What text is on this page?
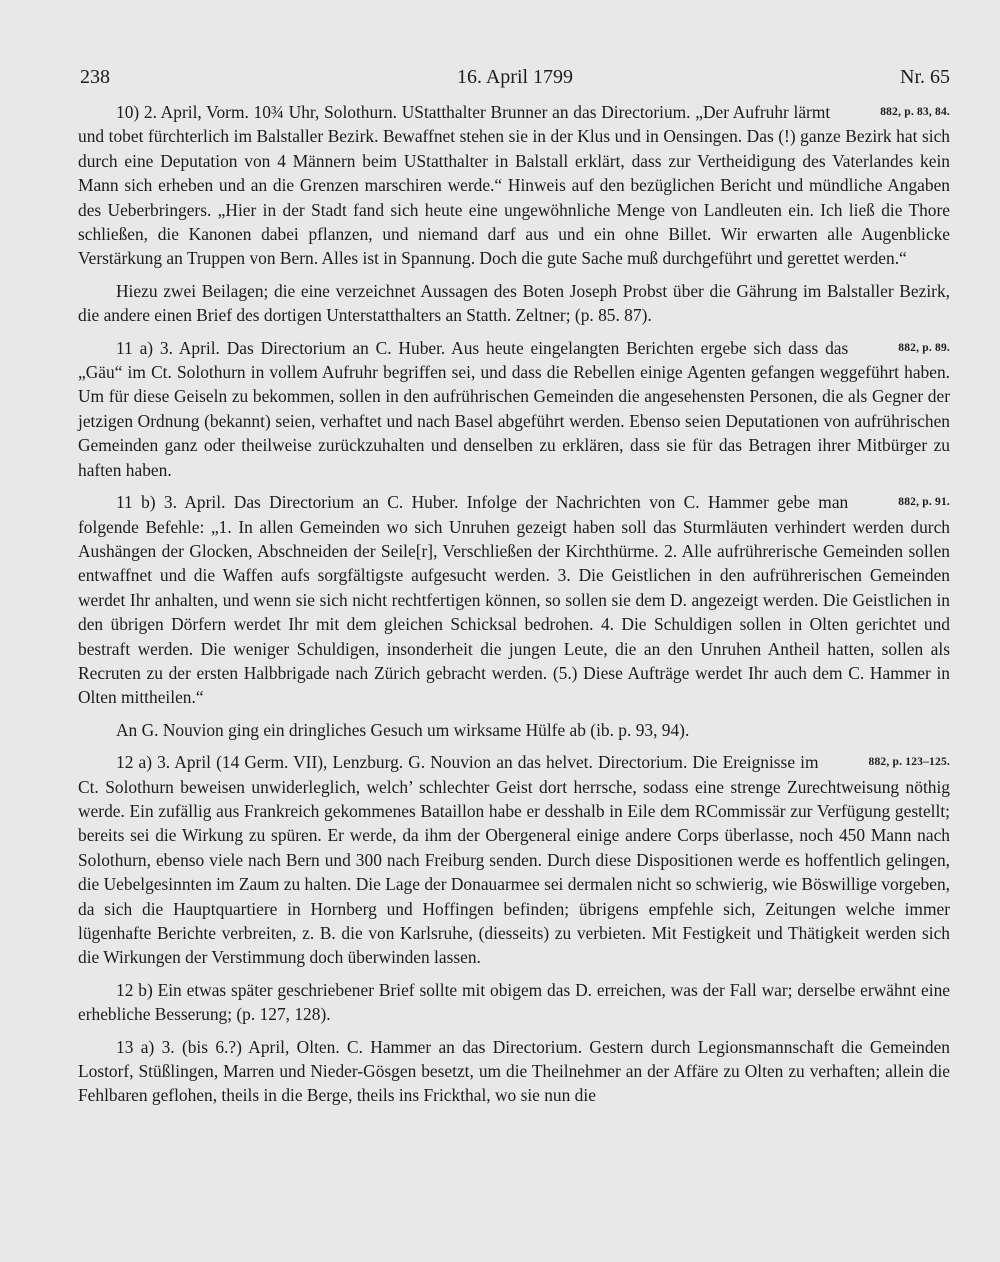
238	16. April 1799	Nr. 65

882, p. 83, 84.
10) 2. April, Vorm. 10¾ Uhr, Solothurn. UStatthalter Brunner an das Directorium. „Der Aufruhr lärmt und tobet fürchterlich im Balstaller Bezirk. Bewaffnet stehen sie in der Klus und in Oensingen. Das (!) ganze Bezirk hat sich durch eine Deputation von 4 Männern beim UStatthalter in Balstall erklärt, dass zur Vertheidigung des Vaterlandes kein Mann sich erheben und an die Grenzen marschiren werde.“ Hinweis auf den bezüglichen Bericht und mündliche Angaben des Ueberbringers. „Hier in der Stadt fand sich heute eine ungewöhnliche Menge von Landleuten ein. Ich ließ die Thore schließen, die Kanonen dabei pflanzen, und niemand darf aus und ein ohne Billet. Wir erwarten alle Augenblicke Verstärkung an Truppen von Bern. Alles ist in Spannung. Doch die gute Sache muß durchgeführt und gerettet werden.“

Hiezu zwei Beilagen; die eine verzeichnet Aussagen des Boten Joseph Probst über die Gährung im Balstaller Bezirk, die andere einen Brief des dortigen Unterstatthalters an Statth. Zeltner; (p. 85. 87).

882, p. 89.
11 a) 3. April. Das Directorium an C. Huber. Aus heute eingelangten Berichten ergebe sich dass das „Gäu“ im Ct. Solothurn in vollem Aufruhr begriffen sei, und dass die Rebellen einige Agenten gefangen weggeführt haben. Um für diese Geiseln zu bekommen, sollen in den aufrührischen Gemeinden die angesehensten Personen, die als Gegner der jetzigen Ordnung (bekannt) seien, verhaftet und nach Basel abgeführt werden. Ebenso seien Deputationen von aufrührischen Gemeinden ganz oder theilweise zurückzuhalten und denselben zu erklären, dass sie für das Betragen ihrer Mitbürger zu haften haben.

882, p. 91.
11 b) 3. April. Das Directorium an C. Huber. Infolge der Nachrichten von C. Hammer gebe man folgende Befehle: „1. In allen Gemeinden wo sich Unruhen gezeigt haben soll das Sturmläuten verhindert werden durch Aushängen der Glocken, Abschneiden der Seile[r], Verschließen der Kirchthürme. 2. Alle aufrührerische Gemeinden sollen entwaffnet und die Waffen aufs sorgfältigste aufgesucht werden. 3. Die Geistlichen in den aufrührerischen Gemeinden werdet Ihr anhalten, und wenn sie sich nicht rechtfertigen können, so sollen sie dem D. angezeigt werden. Die Geistlichen in den übrigen Dörfern werdet Ihr mit dem gleichen Schicksal bedrohen. 4. Die Schuldigen sollen in Olten gerichtet und bestraft werden. Die weniger Schuldigen, insonderheit die jungen Leute, die an den Unruhen Antheil hatten, sollen als Recruten zu der ersten Halbbrigade nach Zürich gebracht werden. (5.) Diese Aufträge werdet Ihr auch dem C. Hammer in Olten mittheilen.“

An G. Nouvion ging ein dringliches Gesuch um wirksame Hülfe ab (ib. p. 93, 94).

882, p. 123–125.
12 a) 3. April (14 Germ. VII), Lenzburg. G. Nouvion an das helvet. Directorium. Die Ereignisse im Ct. Solothurn beweisen unwiderleglich, welch’ schlechter Geist dort herrsche, sodass eine strenge Zurechtweisung nöthig werde. Ein zufällig aus Frankreich gekommenes Bataillon habe er desshalb in Eile dem RCommissär zur Verfügung gestellt; bereits sei die Wirkung zu spüren. Er werde, da ihm der Obergeneral einige andere Corps überlasse, noch 450 Mann nach Solothurn, ebenso viele nach Bern und 300 nach Freiburg senden. Durch diese Dispositionen werde es hoffentlich gelingen, die Uebelgesinnten im Zaum zu halten. Die Lage der Donauarmee sei dermalen nicht so schwierig, wie Böswillige vorgeben, da sich die Hauptquartiere in Hornberg und Hoffingen befinden; übrigens empfehle sich, Zeitungen welche immer lügenhafte Berichte verbreiten, z. B. die von Karlsruhe, (diesseits) zu verbieten. Mit Festigkeit und Thätigkeit werden sich die Wirkungen der Verstimmung doch überwinden lassen.

12 b) Ein etwas später geschriebener Brief sollte mit obigem das D. erreichen, was der Fall war; derselbe erwähnt eine erhebliche Besserung; (p. 127, 128).

13 a) 3. (bis 6.?) April, Olten. C. Hammer an das Directorium. Gestern durch Legionsmannschaft die Gemeinden Lostorf, Stüßlingen, Marren und Nieder-Gösgen besetzt, um die Theilnehmer an der Affäre zu Olten zu verhaften; allein die Fehlbaren geflohen, theils in die Berge, theils ins Frickthal, wo sie nun die
